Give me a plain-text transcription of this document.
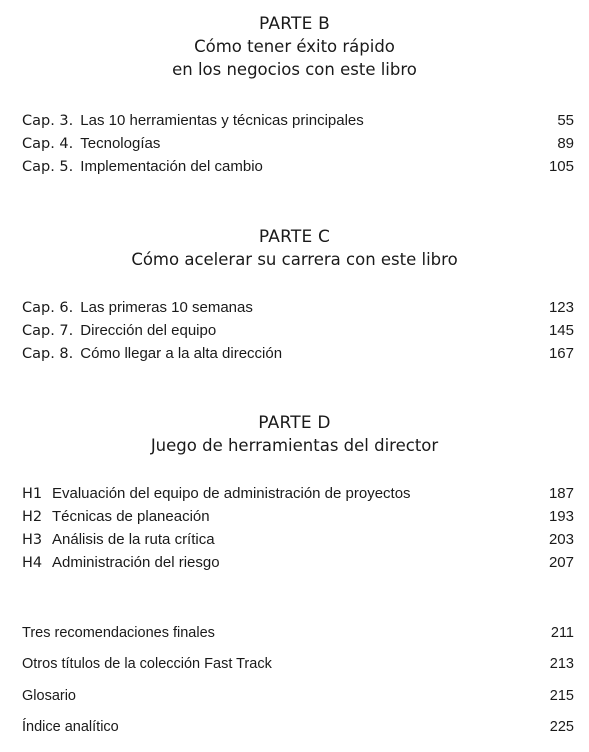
PARTE B
Cómo tener éxito rápido
en los negocios con este libro
Cap. 3. Las 10 herramientas y técnicas principales	55
Cap. 4. Tecnologías	89
Cap. 5. Implementación del cambio	105
PARTE C
Cómo acelerar su carrera con este libro
Cap. 6. Las primeras 10 semanas	123
Cap. 7. Dirección del equipo	145
Cap. 8. Cómo llegar a la alta dirección	167
PARTE D
Juego de herramientas del director
H1 Evaluación del equipo de administración de proyectos	187
H2 Técnicas de planeación	193
H3 Análisis de la ruta crítica	203
H4 Administración del riesgo	207
Tres recomendaciones finales	211
Otros títulos de la colección Fast Track	213
Glosario	215
Índice analítico	225
